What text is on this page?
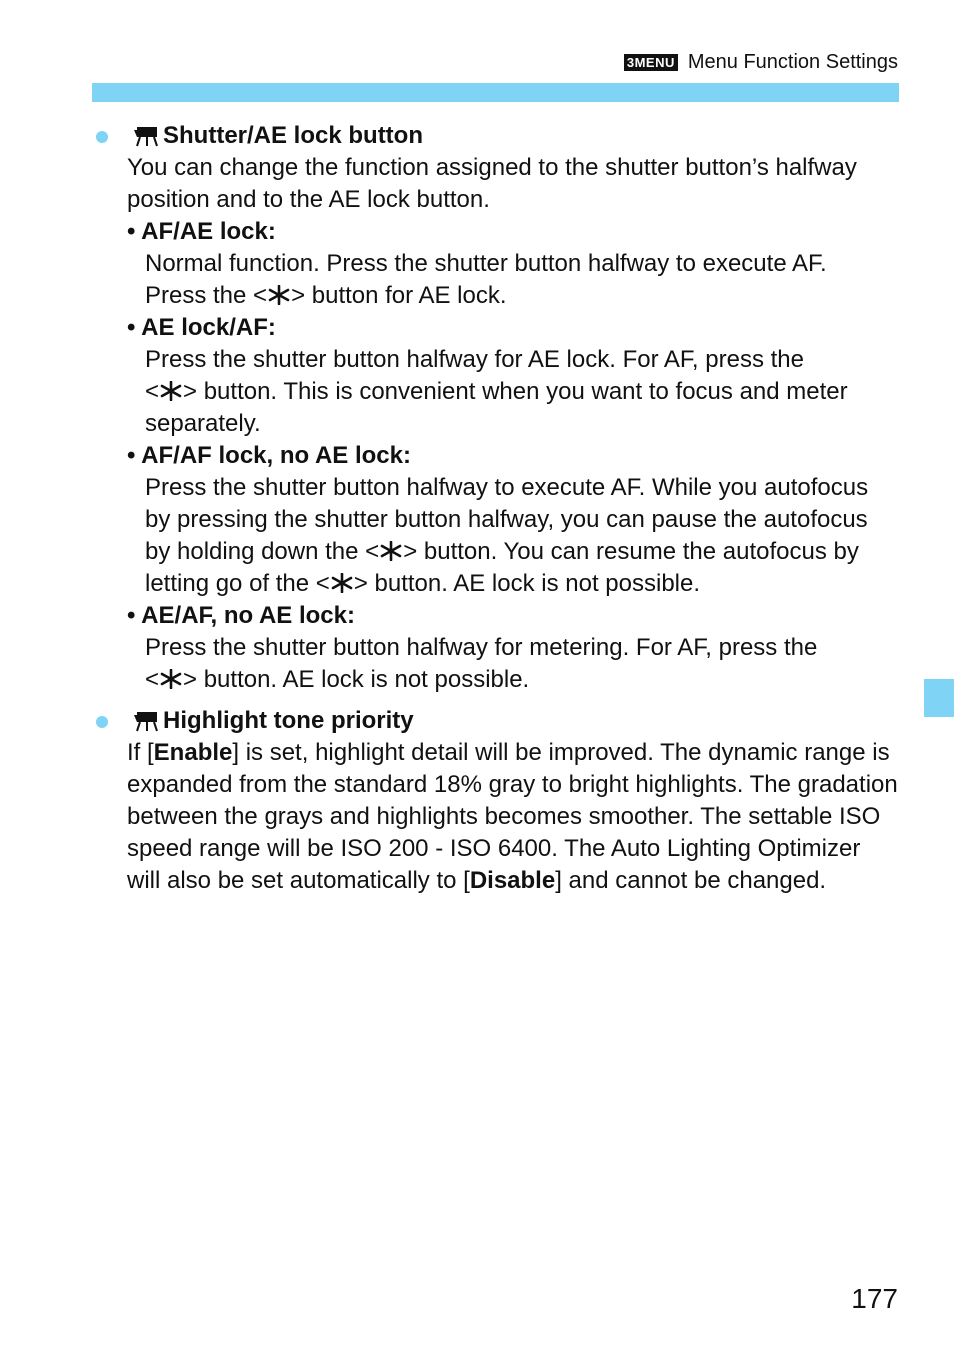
3MENU Menu Function Settings
Shutter/AE lock button
You can change the function assigned to the shutter button’s halfway position and to the AE lock button.
• AF/AE lock:
Normal function. Press the shutter button halfway to execute AF.
Press the < > button for AE lock.
• AE lock/AF:
Press the shutter button halfway for AE lock. For AF, press the
< > button. This is convenient when you want to focus and meter separately.
• AF/AF lock, no AE lock:
Press the shutter button halfway to execute AF. While you autofocus by pressing the shutter button halfway, you can pause the autofocus by holding down the < > button. You can resume the autofocus by letting go of the < > button. AE lock is not possible.
• AE/AF, no AE lock:
Press the shutter button halfway for metering. For AF, press the
< > button. AE lock is not possible.
Highlight tone priority
If [Enable] is set, highlight detail will be improved. The dynamic range is expanded from the standard 18% gray to bright highlights. The gradation between the grays and highlights becomes smoother. The settable ISO speed range will be ISO 200 - ISO 6400. The Auto Lighting Optimizer will also be set automatically to [Disable] and cannot be changed.
177
